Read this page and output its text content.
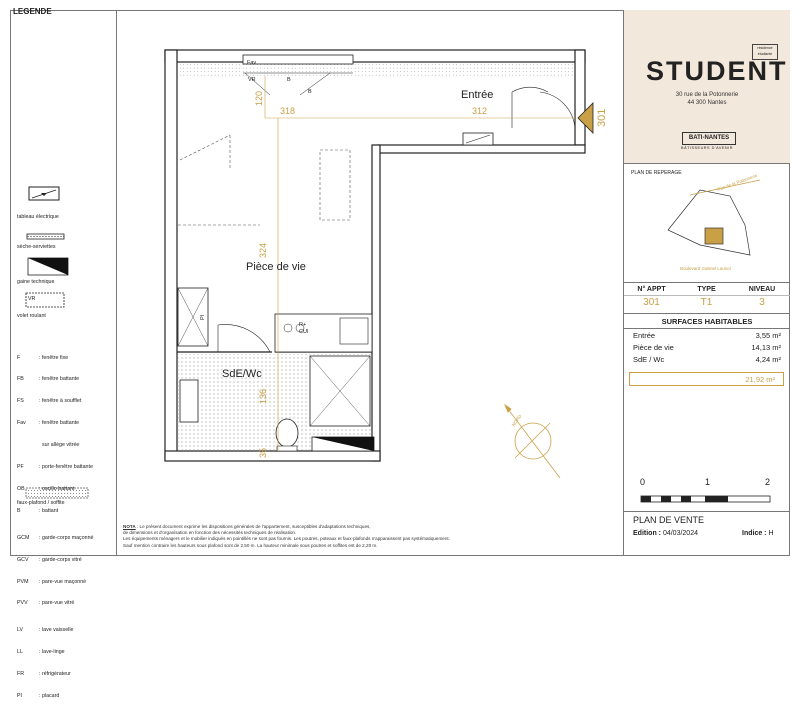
LEGENDE
tableau électrique
sèche-serviettes
gaine technique
VR
volet roulant

F	: fenêtre fixe

FB	: fenêtre battante

FS	: fenêtre à soufflet

Fav : fenêtre battante

sur allège vitrée

PF	: porte-fenêtre battante

OB	: oscillo battant

B	: battant

GCM : garde-corps maçonné

GCV : garde-corps vitré

PVM : pare-vue maçonné

PVV : pare-vue vitré

LV	: lave vaisselle

LL	: lave-linge

FR	: réfrigérateur

PI	: placard

faux-plafond / soffite
Entrée
Pièce de vie
SdE/Wc
Fav
VR	B
B
318	312
120
324
136
35
301
R+
CUI
PI
NORD
STUDENT
résidence étudiante
30 rue de la Potonnerie
44 300 Nantes
BATI-NANTES
BÂTISSEURS D'AVENIR
PLAN DE REPERAGE	Rue de la Potonnerie
Boulevard Gabriel Lauriol
N° APPT	TYPE	NIVEAU
301	T1	3
SURFACES HABITABLES
Entrée	3,55 m²
Pièce de vie	14,13 m²
SdE / Wc	4,24 m²
21,92 m²
0	1	2
PLAN DE VENTE
Edition : 04/03/2024	Indice : H
NOTA : Le présent document exprime les dispositions générales de l'appartement, susceptibles d'adaptations techniques,
de dimensions et d'organisation en fonction des nécessités techniques de réalisation.
Les équipements ménagers et le mobilier indiqués en pointillés ne sont pas fournis. Les poutres, poteaux et faux-plafonds n'apparaissent pas systématiquement.
Sauf mention contraire les hauteurs sous plafond sont de 2,50 m. La hauteur minimale sous poutres et soffites est de 2,20 m.
